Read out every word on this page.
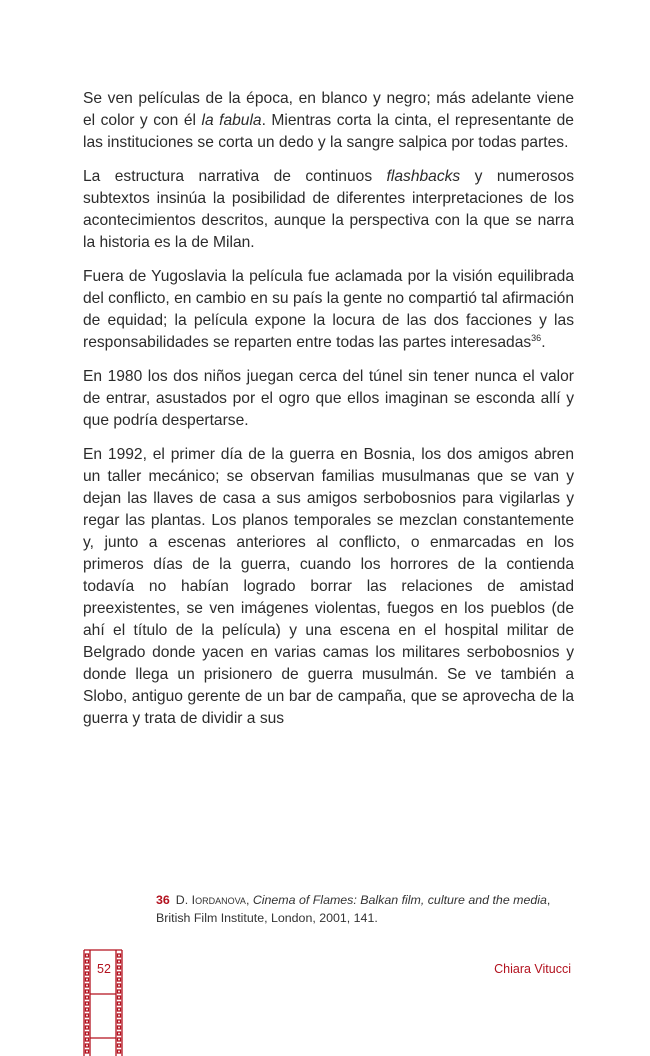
Se ven películas de la época, en blanco y negro; más adelante viene el color y con él la fabula. Mientras corta la cinta, el representante de las instituciones se corta un dedo y la sangre salpica por todas partes.

La estructura narrativa de continuos flashbacks y numerosos subtextos insinúa la posibilidad de diferentes interpretaciones de los acontecimientos descritos, aunque la perspectiva con la que se narra la historia es la de Milan.

Fuera de Yugoslavia la película fue aclamada por la visión equilibrada del conflicto, en cambio en su país la gente no compartió tal afirmación de equidad; la película expone la locura de las dos facciones y las responsabilidades se reparten entre todas las partes interesadas$^{36}$.

En 1980 los dos niños juegan cerca del túnel sin tener nunca el valor de entrar, asustados por el ogro que ellos imaginan se esconda allí y que podría despertarse.

En 1992, el primer día de la guerra en Bosnia, los dos amigos abren un taller mecánico; se observan familias musulmanas que se van y dejan las llaves de casa a sus amigos serbobosnios para vigilarlas y regar las plantas. Los planos temporales se mezclan constantemente y, junto a escenas anteriores al conflicto, o enmarcadas en los primeros días de la guerra, cuando los horrores de la contienda todavía no habían logrado borrar las relaciones de amistad preexistentes, se ven imágenes violentas, fuegos en los pueblos (de ahí el título de la película) y una escena en el hospital militar de Belgrado donde yacen en varias camas los militares serbobosnios y donde llega un prisionero de guerra musulmán. Se ve también a Slobo, antiguo gerente de un bar de campaña, que se aprovecha de la guerra y trata de dividir a sus

36 D. Iordanova, Cinema of Flames: Balkan film, culture and the media, British Film Institute, London, 2001, 141.
52	Chiara Vitucci
